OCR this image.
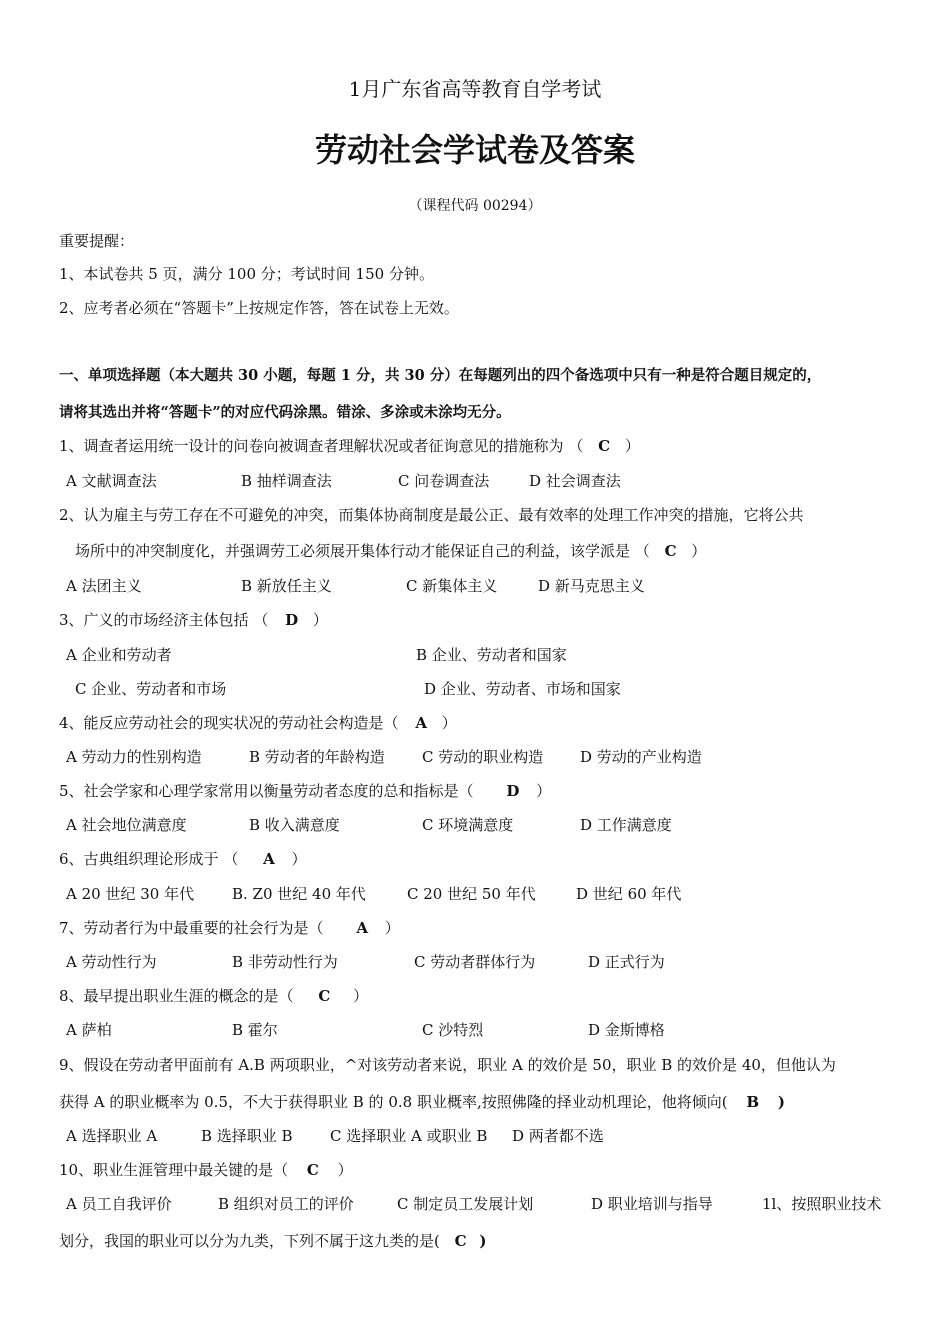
1月广东省高等教育自学考试
劳动社会学试卷及答案
（课程代码 00294）
重要提醒：
1、本试卷共 5 页，满分 100 分；考试时间 150 分钟。
2、应考者必须在“答题卡”上按规定作答，答在试卷上无效。
一、单项选择题（本大题共 30 小题，每题 1 分，共 30 分）在每题列出的四个备选项中只有一种是符合题目规定的，
请将其选出并将“答题卡”的对应代码涂黑。错涂、多涂或未涂均无分。
1、调查者运用统一设计的问卷向被调查者理解状况或者征询意见的措施称为 （ C ）
A 文献调查法	B 抽样调查法	C 问卷调查法	D 社会调查法
2、认为雇主与劳工存在不可避免的冲突，而集体协商制度是最公正、最有效率的处理工作冲突的措施，它将公共
场所中的冲突制度化，并强调劳工必须展开集体行动才能保证自己的利益，该学派是 （ C ）
A 法团主义	B 新放任主义	C 新集体主义	D 新马克思主义
3、广义的市场经济主体包括 （ D ）
A 企业和劳动者	B 企业、劳动者和国家
C 企业、劳动者和市场	D 企业、劳动者、市场和国家
4、能反应劳动社会的现实状况的劳动社会构造是（ A ）
A 劳动力的性别构造	B 劳动者的年龄构造 C 劳动的职业构造 D 劳动的产业构造
5、社会学家和心理学家常用以衡量劳动者态度的总和指标是（ D ）
A 社会地位满意度	B 收入满意度	C 环境满意度	D 工作满意度
6、古典组织理论形成于 （ A ）
A 20 世纪 30 年代	B. Z0 世纪 40 年代	C 20 世纪 50 年代	D 世纪 60 年代
7、劳动者行为中最重要的社会行为是（ A ）
A 劳动性行为	B 非劳动性行为	C 劳动者群体行为	D 正式行为
8、最早提出职业生涯的概念的是（ C ）
A 萨柏	B 霍尔	C 沙特烈	D 金斯博格
9、假设在劳动者甲面前有 A.B 两项职业，^对该劳动者来说，职业 A 的效价是 50，职业 B 的效价是 40，但他认为
获得 A 的职业概率为 0.5，不大于获得职业 B 的 0.8 职业概率,按照佛隆的择业动机理论，他将倾向( B )
A 选择职业 A	B 选择职业 B C 选择职业 A 或职业 B D 两者都不选
10、职业生涯管理中最关键的是（ C ）
A 员工自我评价	B 组织对员工的评价	C 制定员工发展计划	D 职业培训与指导	1l、按照职业技术
划分，我国的职业可以分为九类，下列不属于这九类的是( C )
